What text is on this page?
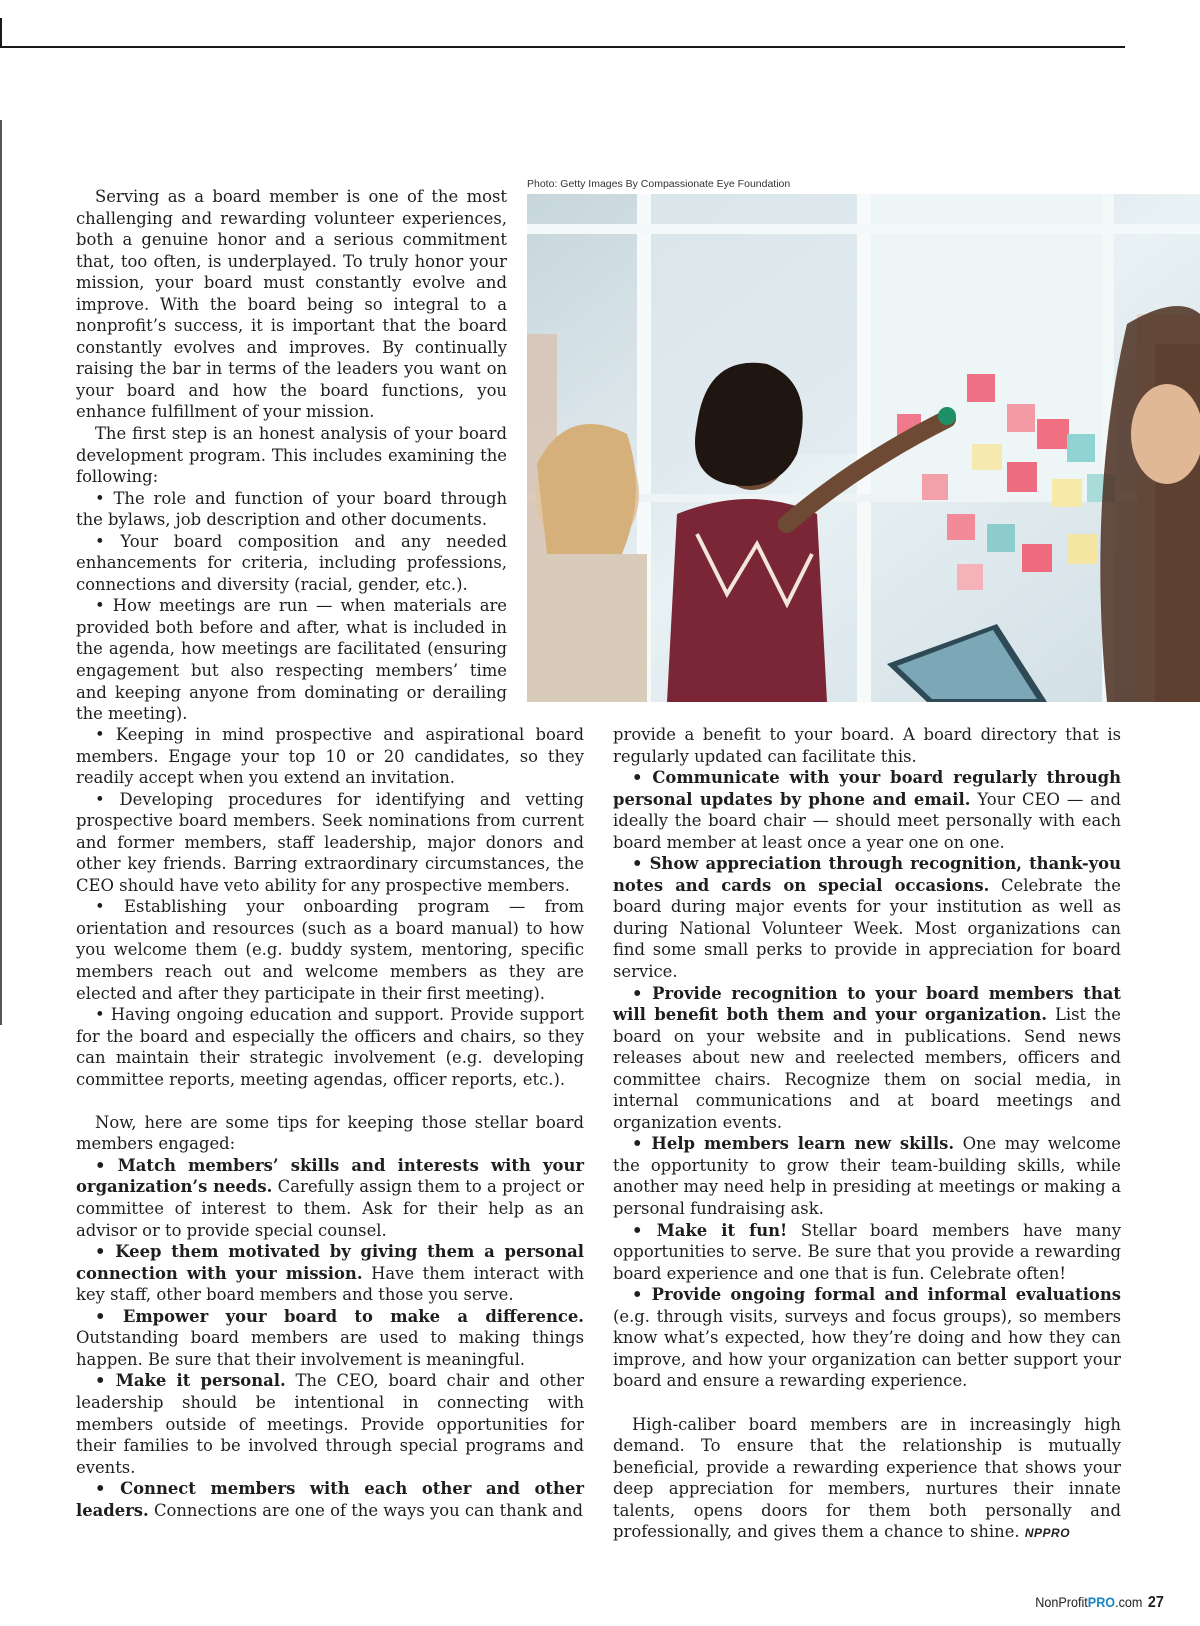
Photo: Getty Images By Compassionate Eye Foundation

Serving as a board member is one of the most challenging and rewarding volunteer experiences, both a genuine honor and a serious commitment that, too often, is underplayed. To truly honor your mission, your board must constantly evolve and improve. With the board being so integral to a nonprofit’s success, it is important that the board constantly evolves and improves. By continually raising the bar in terms of the leaders you want on your board and how the board functions, you enhance fulfillment of your mission.

The first step is an honest analysis of your board development program. This includes examining the following:

• The role and function of your board through the bylaws, job description and other documents.

• Your board composition and any needed enhancements for criteria, including professions, connections and diversity (racial, gender, etc.).

• How meetings are run — when materials are provided both before and after, what is included in the agenda, how meetings are facilitated (ensuring engagement but also respecting members’ time and keeping anyone from dominating or derailing the meeting).

• Keeping in mind prospective and aspirational board members. Engage your top 10 or 20 candidates, so they readily accept when you extend an invitation.

• Developing procedures for identifying and vetting prospective board members. Seek nominations from current and former members, staff leadership, major donors and other key friends. Barring extraordinary circumstances, the CEO should have veto ability for any prospective members.

• Establishing your onboarding program — from orientation and resources (such as a board manual) to how you welcome them (e.g. buddy system, mentoring, specific members reach out and welcome members as they are elected and after they participate in their first meeting).

• Having ongoing education and support. Provide support for the board and especially the officers and chairs, so they can maintain their strategic involvement (e.g. developing committee reports, meeting agendas, officer reports, etc.).

Now, here are some tips for keeping those stellar board members engaged:

• Match members’ skills and interests with your organization’s needs. Carefully assign them to a project or committee of interest to them. Ask for their help as an advisor or to provide special counsel.

• Keep them motivated by giving them a personal connection with your mission. Have them interact with key staff, other board members and those you serve.

• Empower your board to make a difference. Outstanding board members are used to making things happen. Be sure that their involvement is meaningful.

• Make it personal. The CEO, board chair and other leadership should be intentional in connecting with members outside of meetings. Provide opportunities for their families to be involved through special programs and events.

• Connect members with each other and other leaders. Connections are one of the ways you can thank and

provide a benefit to your board. A board directory that is regularly updated can facilitate this.

• Communicate with your board regularly through personal updates by phone and email. Your CEO — and ideally the board chair — should meet personally with each board member at least once a year one on one.

• Show appreciation through recognition, thank-you notes and cards on special occasions. Celebrate the board during major events for your institution as well as during National Volunteer Week. Most organizations can find some small perks to provide in appreciation for board service.

• Provide recognition to your board members that will benefit both them and your organization. List the board on your website and in publications. Send news releases about new and reelected members, officers and committee chairs. Recognize them on social media, in internal communications and at board meetings and organization events.

• Help members learn new skills. One may welcome the opportunity to grow their team-building skills, while another may need help in presiding at meetings or making a personal fundraising ask.

• Make it fun! Stellar board members have many opportunities to serve. Be sure that you provide a rewarding board experience and one that is fun. Celebrate often!

• Provide ongoing formal and informal evaluations (e.g. through visits, surveys and focus groups), so members know what’s expected, how they’re doing and how they can improve, and how your organization can better support your board and ensure a rewarding experience.

High-caliber board members are in increasingly high demand. To ensure that the relationship is mutually beneficial, provide a rewarding experience that shows your deep appreciation for members, nurtures their innate talents, opens doors for them both personally and professionally, and gives them a chance to shine. NPPRO

NonProfitPRO.com 27
